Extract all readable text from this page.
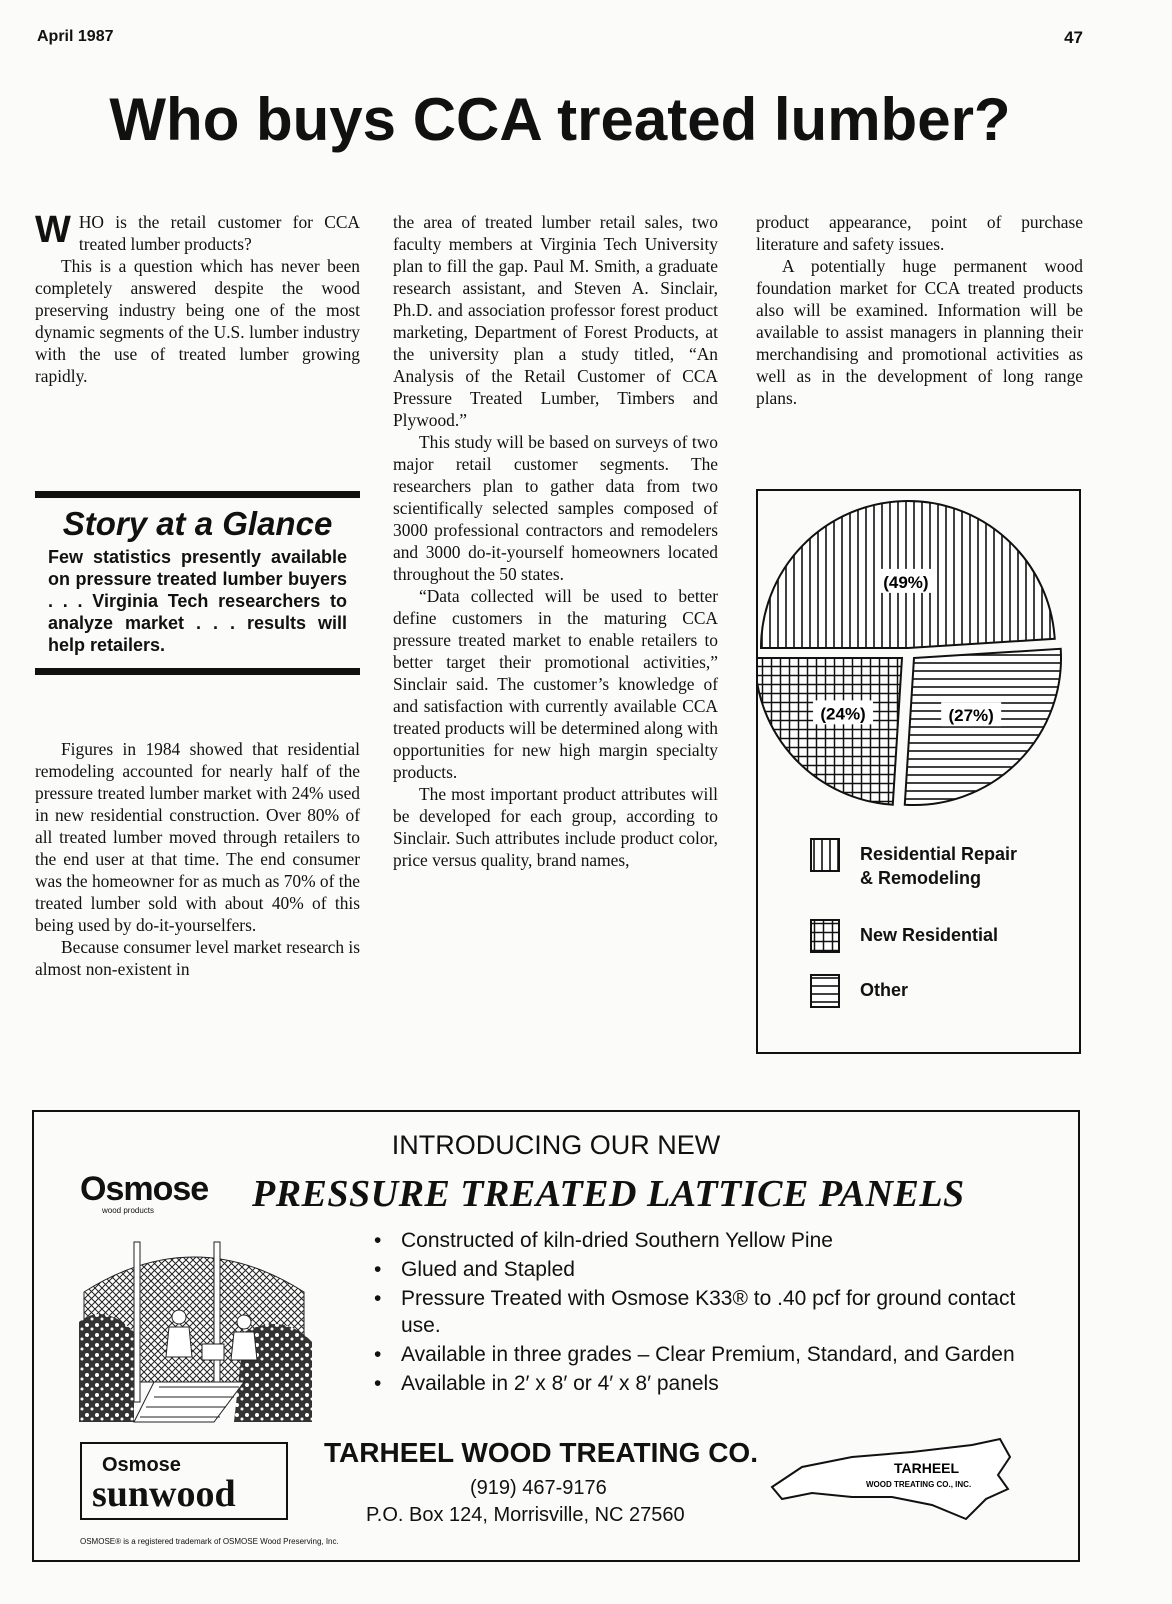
April 1987	47
Who buys CCA treated lumber?

WHO is the retail customer for CCA treated lumber products?

This is a question which has never been completely answered despite the wood preserving industry being one of the most dynamic segments of the U.S. lumber industry with the use of treated lumber growing rapidly.

Story at a Glance
Few statistics presently available on pressure treated lumber buyers . . . Virginia Tech researchers to analyze market . . . results will help retailers.

Figures in 1984 showed that residential remodeling accounted for nearly half of the pressure treated lumber market with 24% used in new residential construction. Over 80% of all treated lumber moved through retailers to the end user at that time. The end consumer was the homeowner for as much as 70% of the treated lumber sold with about 40% of this being used by do-it-yourselfers.

Because consumer level market research is almost non-existent in

the area of treated lumber retail sales, two faculty members at Virginia Tech University plan to fill the gap. Paul M. Smith, a graduate research assistant, and Steven A. Sinclair, Ph.D. and association professor forest product marketing, Department of Forest Products, at the university plan a study titled, “An Analysis of the Retail Customer of CCA Pressure Treated Lumber, Timbers and Plywood.”

This study will be based on surveys of two major retail customer segments. The researchers plan to gather data from two scientifically selected samples composed of 3000 professional contractors and remodelers and 3000 do-it-yourself homeowners located throughout the 50 states.

“Data collected will be used to better define customers in the maturing CCA pressure treated market to enable retailers to better target their promotional activities,” Sinclair said. The customer’s knowledge of and satisfaction with currently available CCA treated products will be determined along with opportunities for new high margin specialty products.

The most important product attributes will be developed for each group, according to Sinclair. Such attributes include product color, price versus quality, brand names,

product appearance, point of purchase literature and safety issues.

A potentially huge permanent wood foundation market for CCA treated products also will be examined. Information will be available to assist managers in planning their merchandising and promotional activities as well as in the development of long range plans.

(49%)
(27%)
(24%)
Residential Repair
& Remodeling
New Residential
Other
INTRODUCING OUR NEW
Osmose
wood products	PRESSURE TREATED LATTICE PANELS
• Constructed of kiln-dried Southern Yellow Pine
• Glued and Stapled
• Pressure Treated with Osmose K33® to .40 pcf for ground contact use.
• Available in three grades – Clear Premium, Standard, and Garden
• Available in 2′ x 8′ or 4′ x 8′ panels
Osmose
sunwood
TARHEEL WOOD TREATING CO.
(919) 467-9176
P.O. Box 124, Morrisville, NC 27560
TARHEEL
WOOD TREATING CO., INC.
OSMOSE® is a registered trademark of OSMOSE Wood Preserving, Inc.
